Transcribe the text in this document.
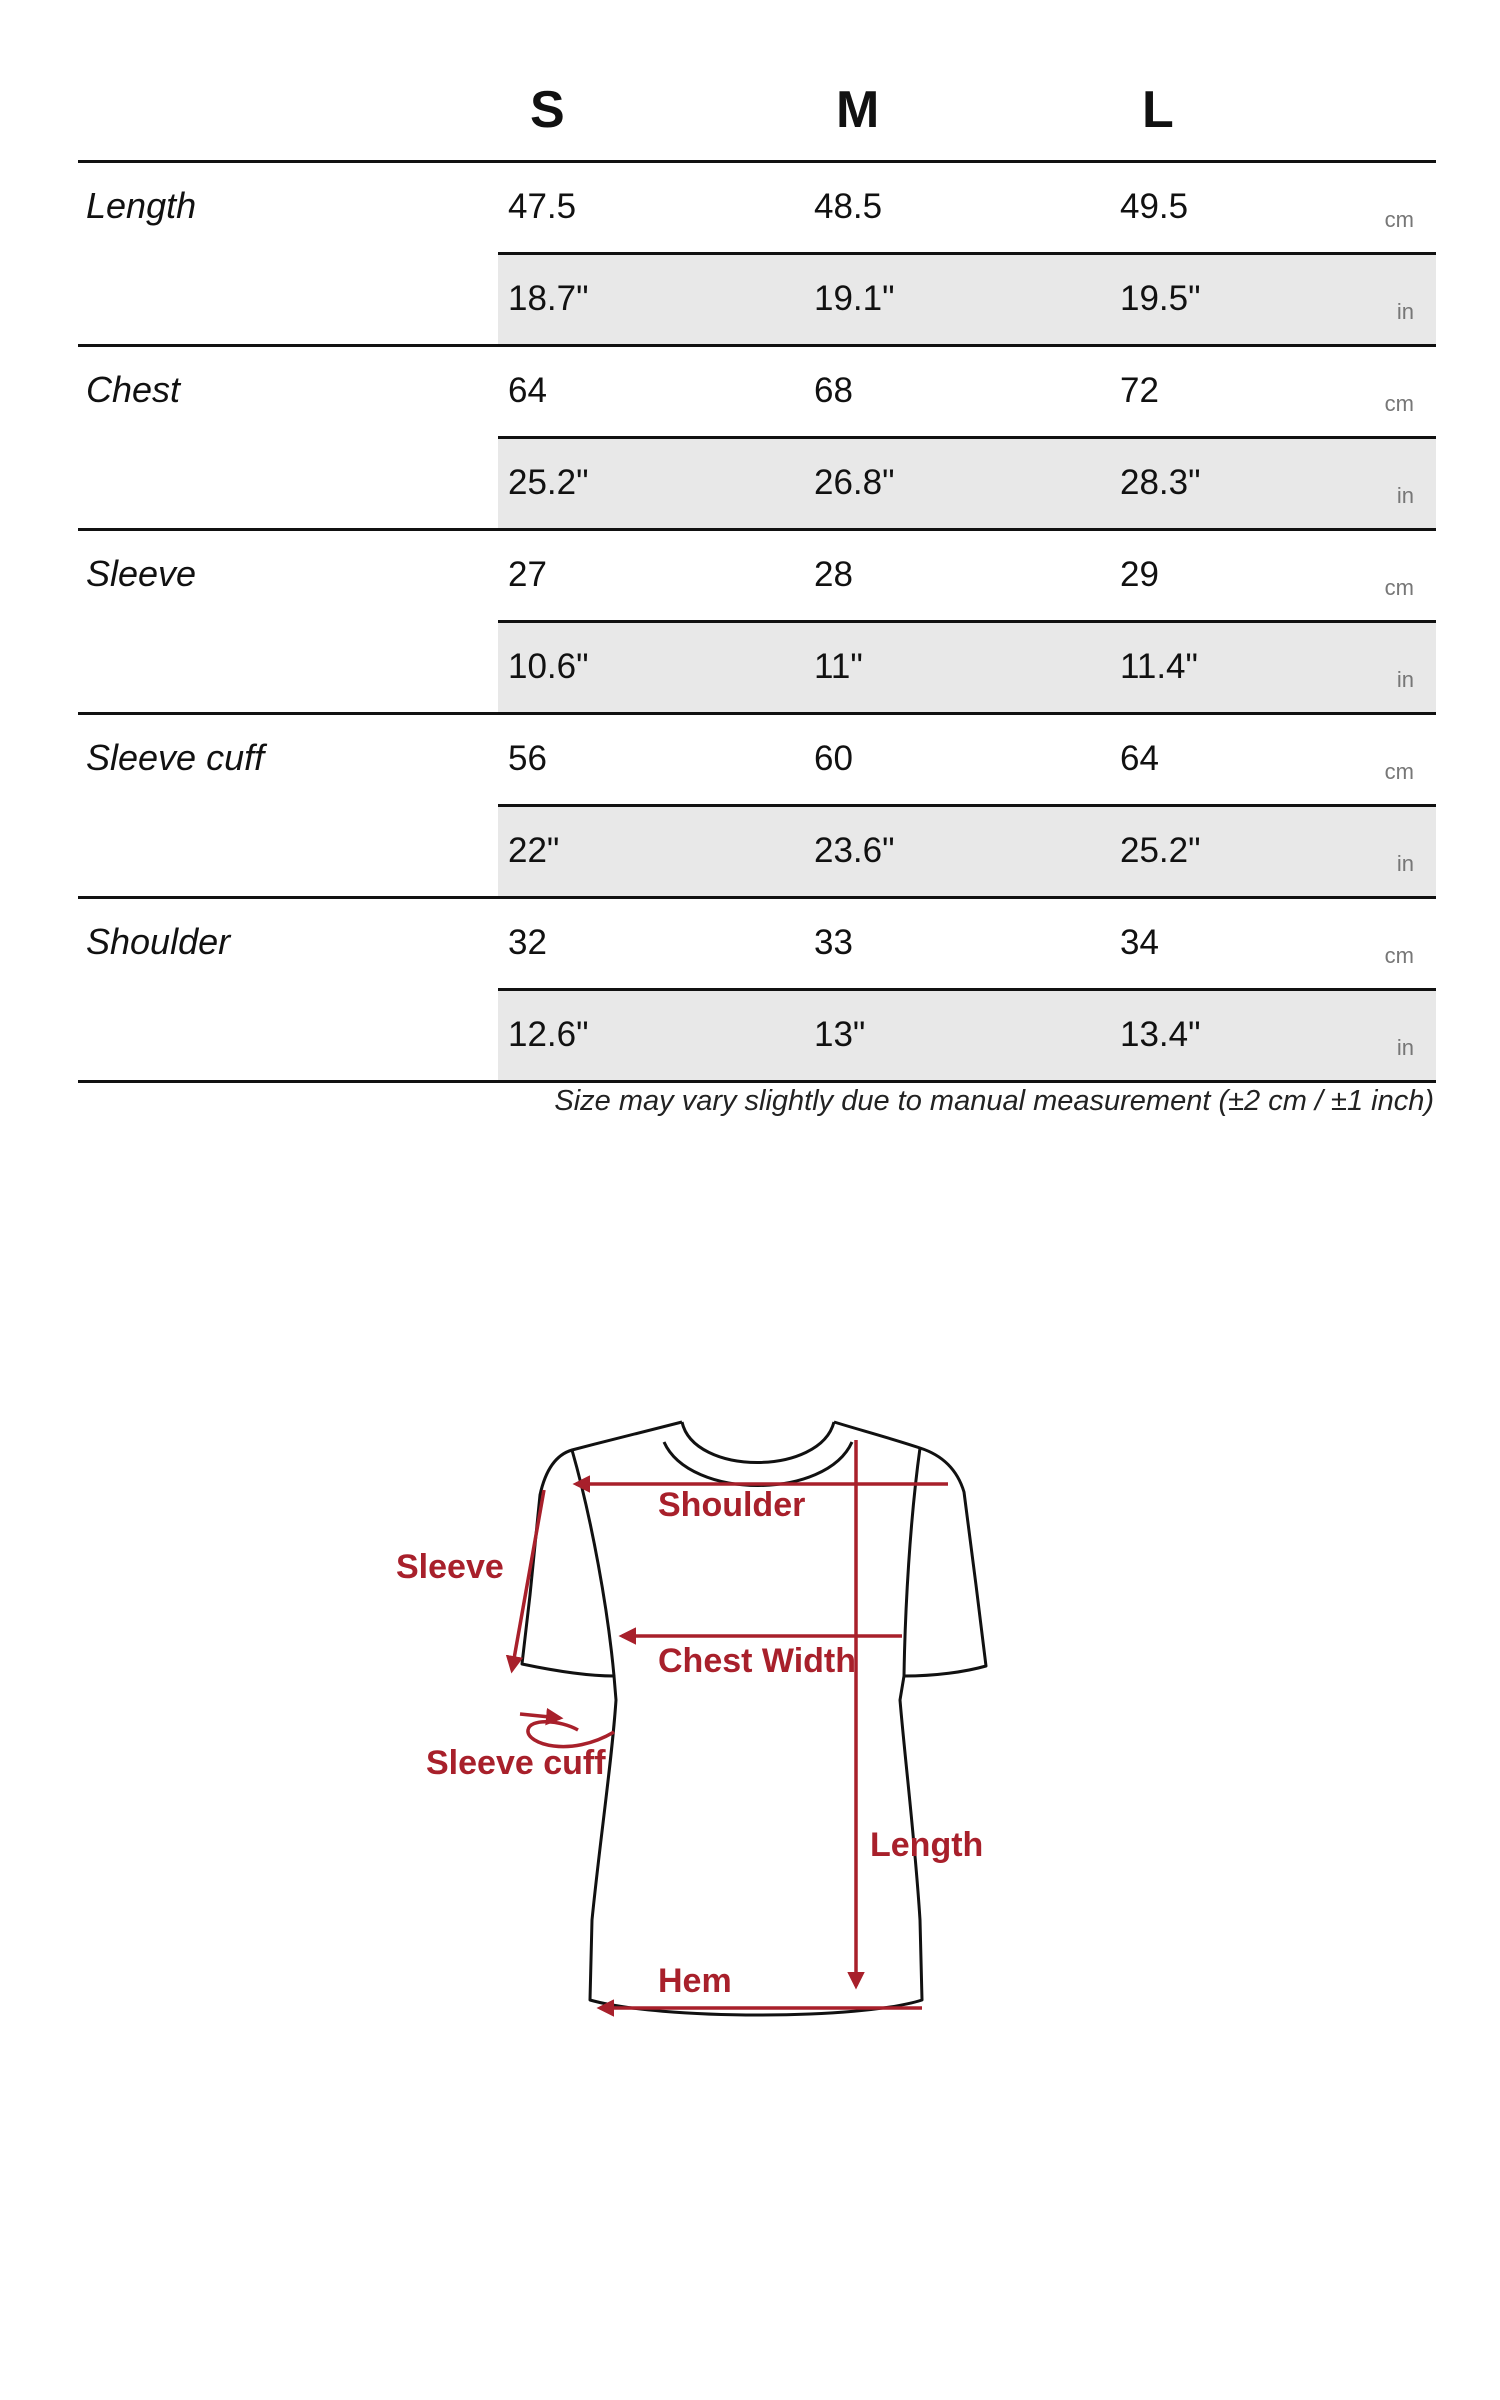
S	M	L
Length	47.5	48.5	49.5	cm
18.7"	19.1"	19.5"	in
Chest	64	68	72	cm
25.2"	26.8"	28.3"	in
Sleeve	27	28	29	cm
10.6"	11"	11.4"	in
Sleeve cuff	56	60	64	cm
22"	23.6"	25.2"	in
Shoulder	32	33	34	cm
12.6"	13"	13.4"	in
Size may vary slightly due to manual measurement (±2 cm / ±1 inch)
Shoulder
Sleeve
Chest Width
Sleeve cuff
Length
Hem
